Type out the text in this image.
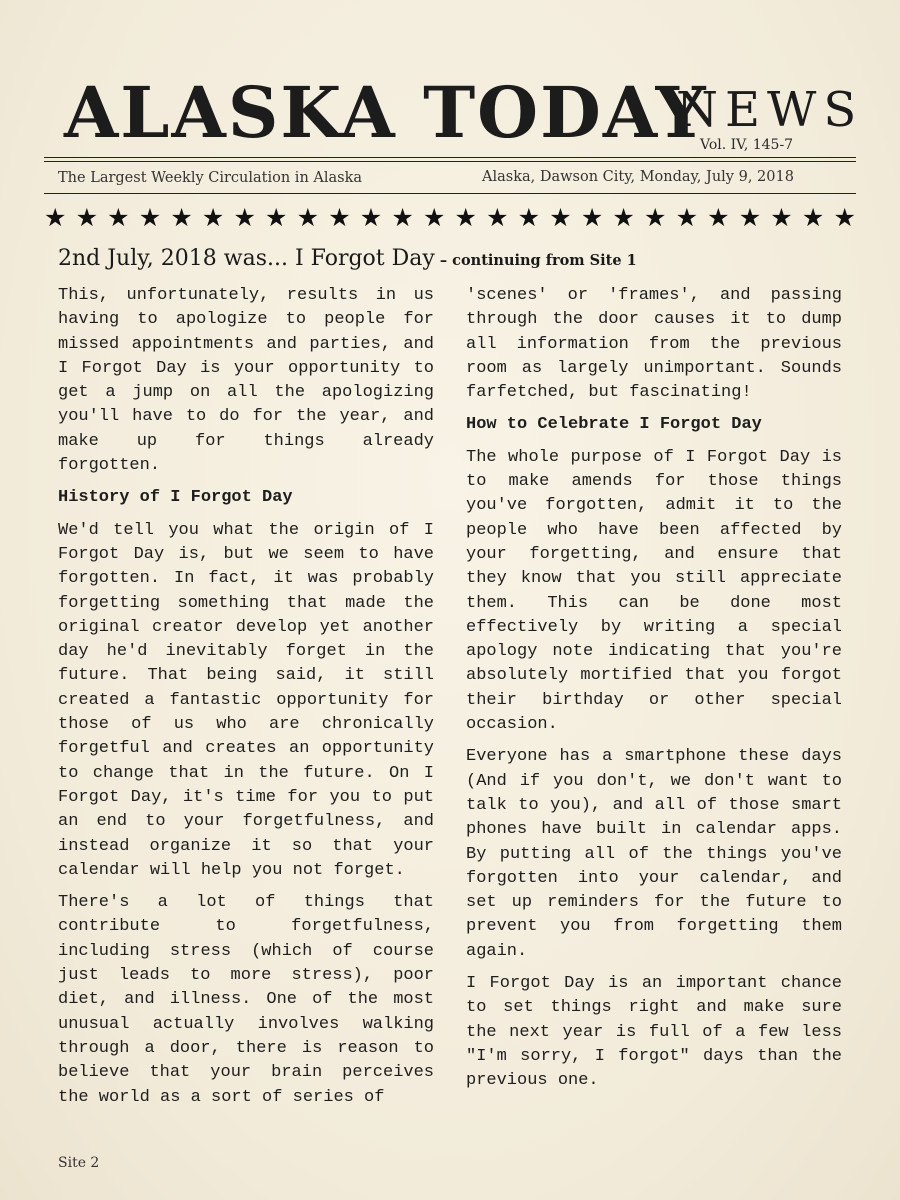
ALASKA TODAY
NEWS
Vol. IV, 145-7
The Largest Weekly Circulation in Alaska	Alaska, Dawson City, Monday, July 9, 2018
★ ★ ★ ★ ★ ★ ★ ★ ★ ★ ★ ★ ★ ★ ★ ★ ★ ★ ★ ★ ★ ★ ★ ★ ★ ★
2nd July, 2018 was... I Forgot Day – continuing from Site 1

This, unfortunately, results in us having to apologize to people for missed appointments and parties, and I Forgot Day is your opportunity to get a jump on all the apologizing you'll have to do for the year, and make up for things already forgotten.

History of I Forgot Day

We'd tell you what the origin of I Forgot Day is, but we seem to have forgotten. In fact, it was probably forgetting something that made the original creator develop yet another day he'd inevitably forget in the future. That being said, it still created a fantastic opportunity for those of us who are chronically forgetful and creates an opportunity to change that in the future. On I Forgot Day, it's time for you to put an end to your forgetfulness, and instead organize it so that your calendar will help you not forget.

There's a lot of things that contribute to forgetfulness, including stress (which of course just leads to more stress), poor diet, and illness. One of the most unusual actually involves walking through a door, there is reason to believe that your brain perceives the world as a sort of series of

'scenes' or 'frames', and passing through the door causes it to dump all information from the previous room as largely unimportant. Sounds farfetched, but fascinating!

How to Celebrate I Forgot Day

The whole purpose of I Forgot Day is to make amends for those things you've forgotten, admit it to the people who have been affected by your forgetting, and ensure that they know that you still appreciate them. This can be done most effectively by writing a special apology note indicating that you're absolutely mortified that you forgot their birthday or other special occasion.

Everyone has a smartphone these days (And if you don't, we don't want to talk to you), and all of those smart phones have built in calendar apps. By putting all of the things you've forgotten into your calendar, and set up reminders for the future to prevent you from forgetting them again.

I Forgot Day is an important chance to set things right and make sure the next year is full of a few less "I'm sorry, I forgot" days than the previous one.

Site 2
